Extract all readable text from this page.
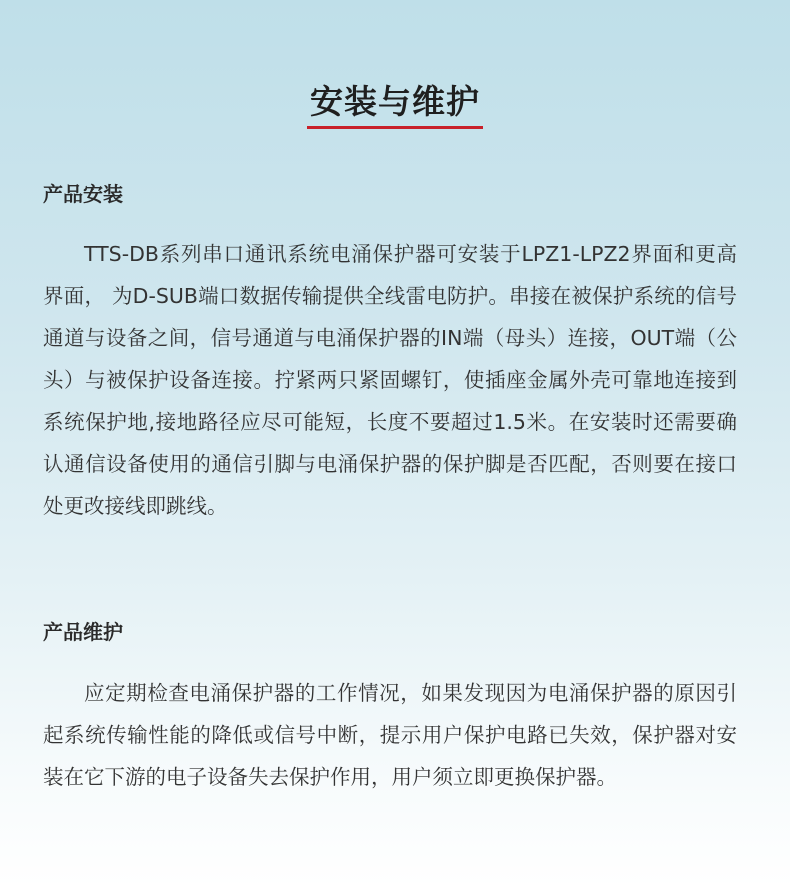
安装与维护
产品安装

TTS-DB系列串口通讯系统电涌保护器可安装于LPZ1-LPZ2界面和更高界面， 为D-SUB端口数据传输提供全线雷电防护。串接在被保护系统的信号通道与设备之间，信号通道与电涌保护器的IN端（母头）连接，OUT端（公头）与被保护设备连接。拧紧两只紧固螺钉，使插座金属外壳可靠地连接到系统保护地,接地路径应尽可能短，长度不要超过1.5米。在安装时还需要确认通信设备使用的通信引脚与电涌保护器的保护脚是否匹配，否则要在接口处更改接线即跳线。

产品维护

应定期检查电涌保护器的工作情况，如果发现因为电涌保护器的原因引起系统传输性能的降低或信号中断，提示用户保护电路已失效，保护器对安装在它下游的电子设备失去保护作用，用户须立即更换保护器。
